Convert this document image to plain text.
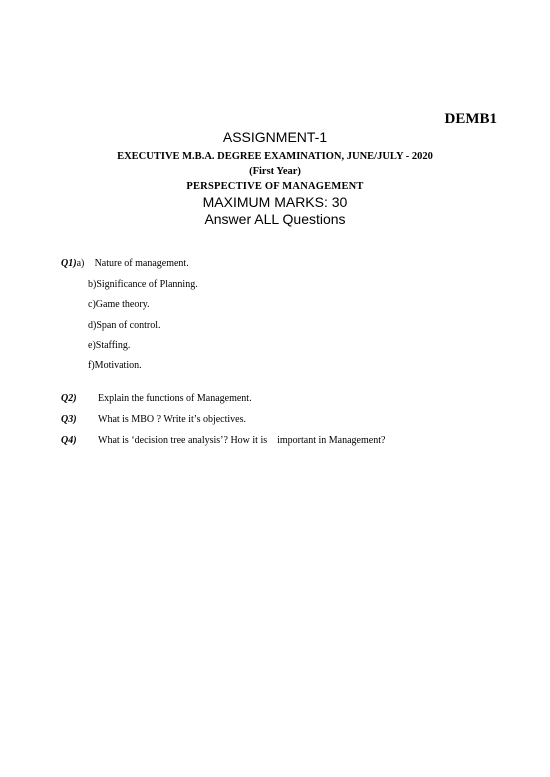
DEMB1
ASSIGNMENT-1
EXECUTIVE M.B.A. DEGREE EXAMINATION, JUNE/JULY - 2020
(First Year)
PERSPECTIVE OF MANAGEMENT
MAXIMUM MARKS: 30
Answer ALL Questions
Q1)a) Nature of management.
b)Significance of Planning.
c)Game theory.
d)Span of control.
e)Staffing.
f)Motivation.
Q2) Explain the functions of Management.
Q3) What is MBO ? Write it’s objectives.
Q4) What is ‘decision tree analysis’? How it is    important in Management?
